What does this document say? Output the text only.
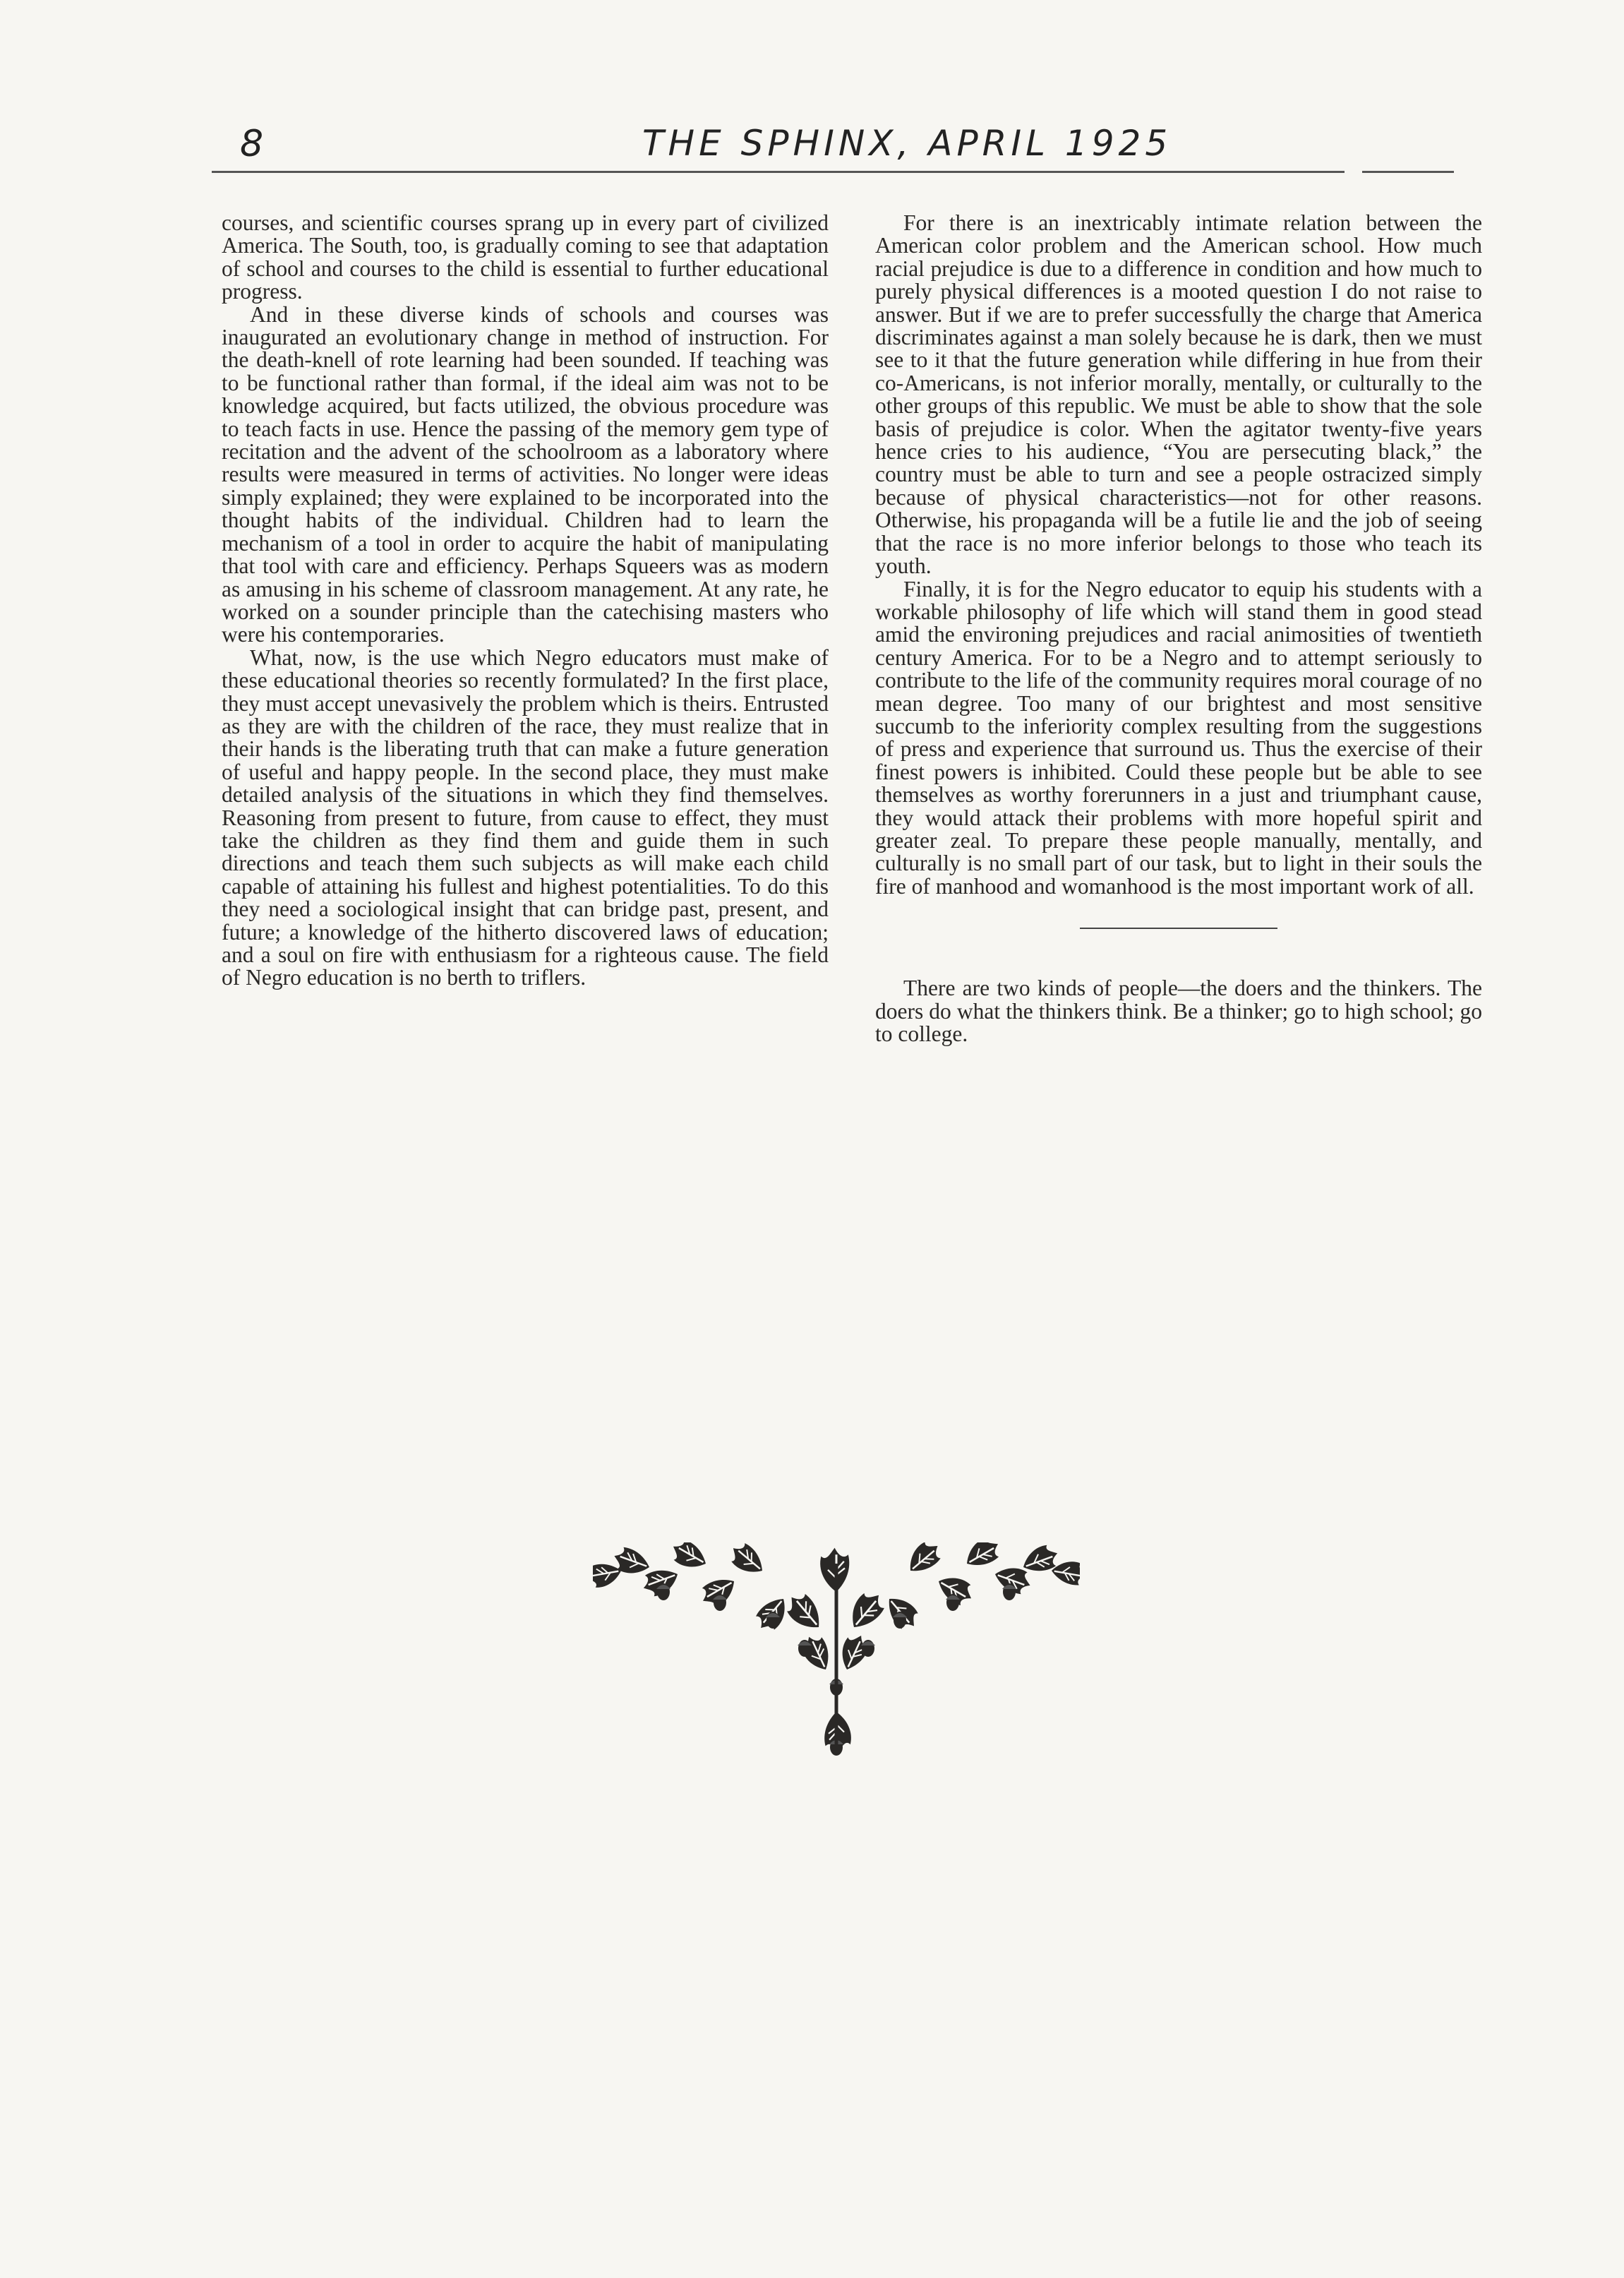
8	THE SPHINX, APRIL 1925

courses, and scientific courses sprang up in every part of civilized America. The South, too, is gradually coming to see that adaptation of school and courses to the child is essential to further educational progress.

And in these diverse kinds of schools and courses was inaugurated an evolutionary change in method of instruction. For the death-knell of rote learning had been sounded. If teaching was to be functional rather than formal, if the ideal aim was not to be knowledge acquired, but facts utilized, the obvious procedure was to teach facts in use. Hence the passing of the memory gem type of recitation and the advent of the schoolroom as a laboratory where results were measured in terms of activities. No longer were ideas simply explained; they were explained to be incorporated into the thought habits of the individual. Children had to learn the mechanism of a tool in order to acquire the habit of manipulating that tool with care and efficiency. Perhaps Squeers was as modern as amusing in his scheme of classroom management. At any rate, he worked on a sounder principle than the catechising masters who were his contemporaries.

What, now, is the use which Negro educators must make of these educational theories so recently formulated? In the first place, they must accept unevasively the problem which is theirs. Entrusted as they are with the children of the race, they must realize that in their hands is the liberating truth that can make a future generation of useful and happy people. In the second place, they must make detailed analysis of the situations in which they find themselves. Reasoning from present to future, from cause to effect, they must take the children as they find them and guide them in such directions and teach them such subjects as will make each child capable of attaining his fullest and highest potentialities. To do this they need a sociological insight that can bridge past, present, and future; a knowledge of the hitherto discovered laws of education; and a soul on fire with enthusiasm for a righteous cause. The field of Negro education is no berth to triflers.

For there is an inextricably intimate relation between the American color problem and the American school. How much racial prejudice is due to a difference in condition and how much to purely physical differences is a mooted question I do not raise to answer. But if we are to prefer successfully the charge that America discriminates against a man solely because he is dark, then we must see to it that the future generation while differing in hue from their co-Americans, is not inferior morally, mentally, or culturally to the other groups of this republic. We must be able to show that the sole basis of prejudice is color. When the agitator twenty-five years hence cries to his audience, “You are persecuting black,” the country must be able to turn and see a people ostracized simply because of physical characteristics—not for other reasons. Otherwise, his propaganda will be a futile lie and the job of seeing that the race is no more inferior belongs to those who teach its youth.

Finally, it is for the Negro educator to equip his students with a workable philosophy of life which will stand them in good stead amid the environing prejudices and racial animosities of twentieth century America. For to be a Negro and to attempt seriously to contribute to the life of the community requires moral courage of no mean degree. Too many of our brightest and most sensitive succumb to the inferiority complex resulting from the suggestions of press and experience that surround us. Thus the exercise of their finest powers is inhibited. Could these people but be able to see themselves as worthy forerunners in a just and triumphant cause, they would attack their problems with more hopeful spirit and greater zeal. To prepare these people manually, mentally, and culturally is no small part of our task, but to light in their souls the fire of manhood and womanhood is the most important work of all.

There are two kinds of people—the doers and the thinkers. The doers do what the thinkers think. Be a thinker; go to high school; go to college.
